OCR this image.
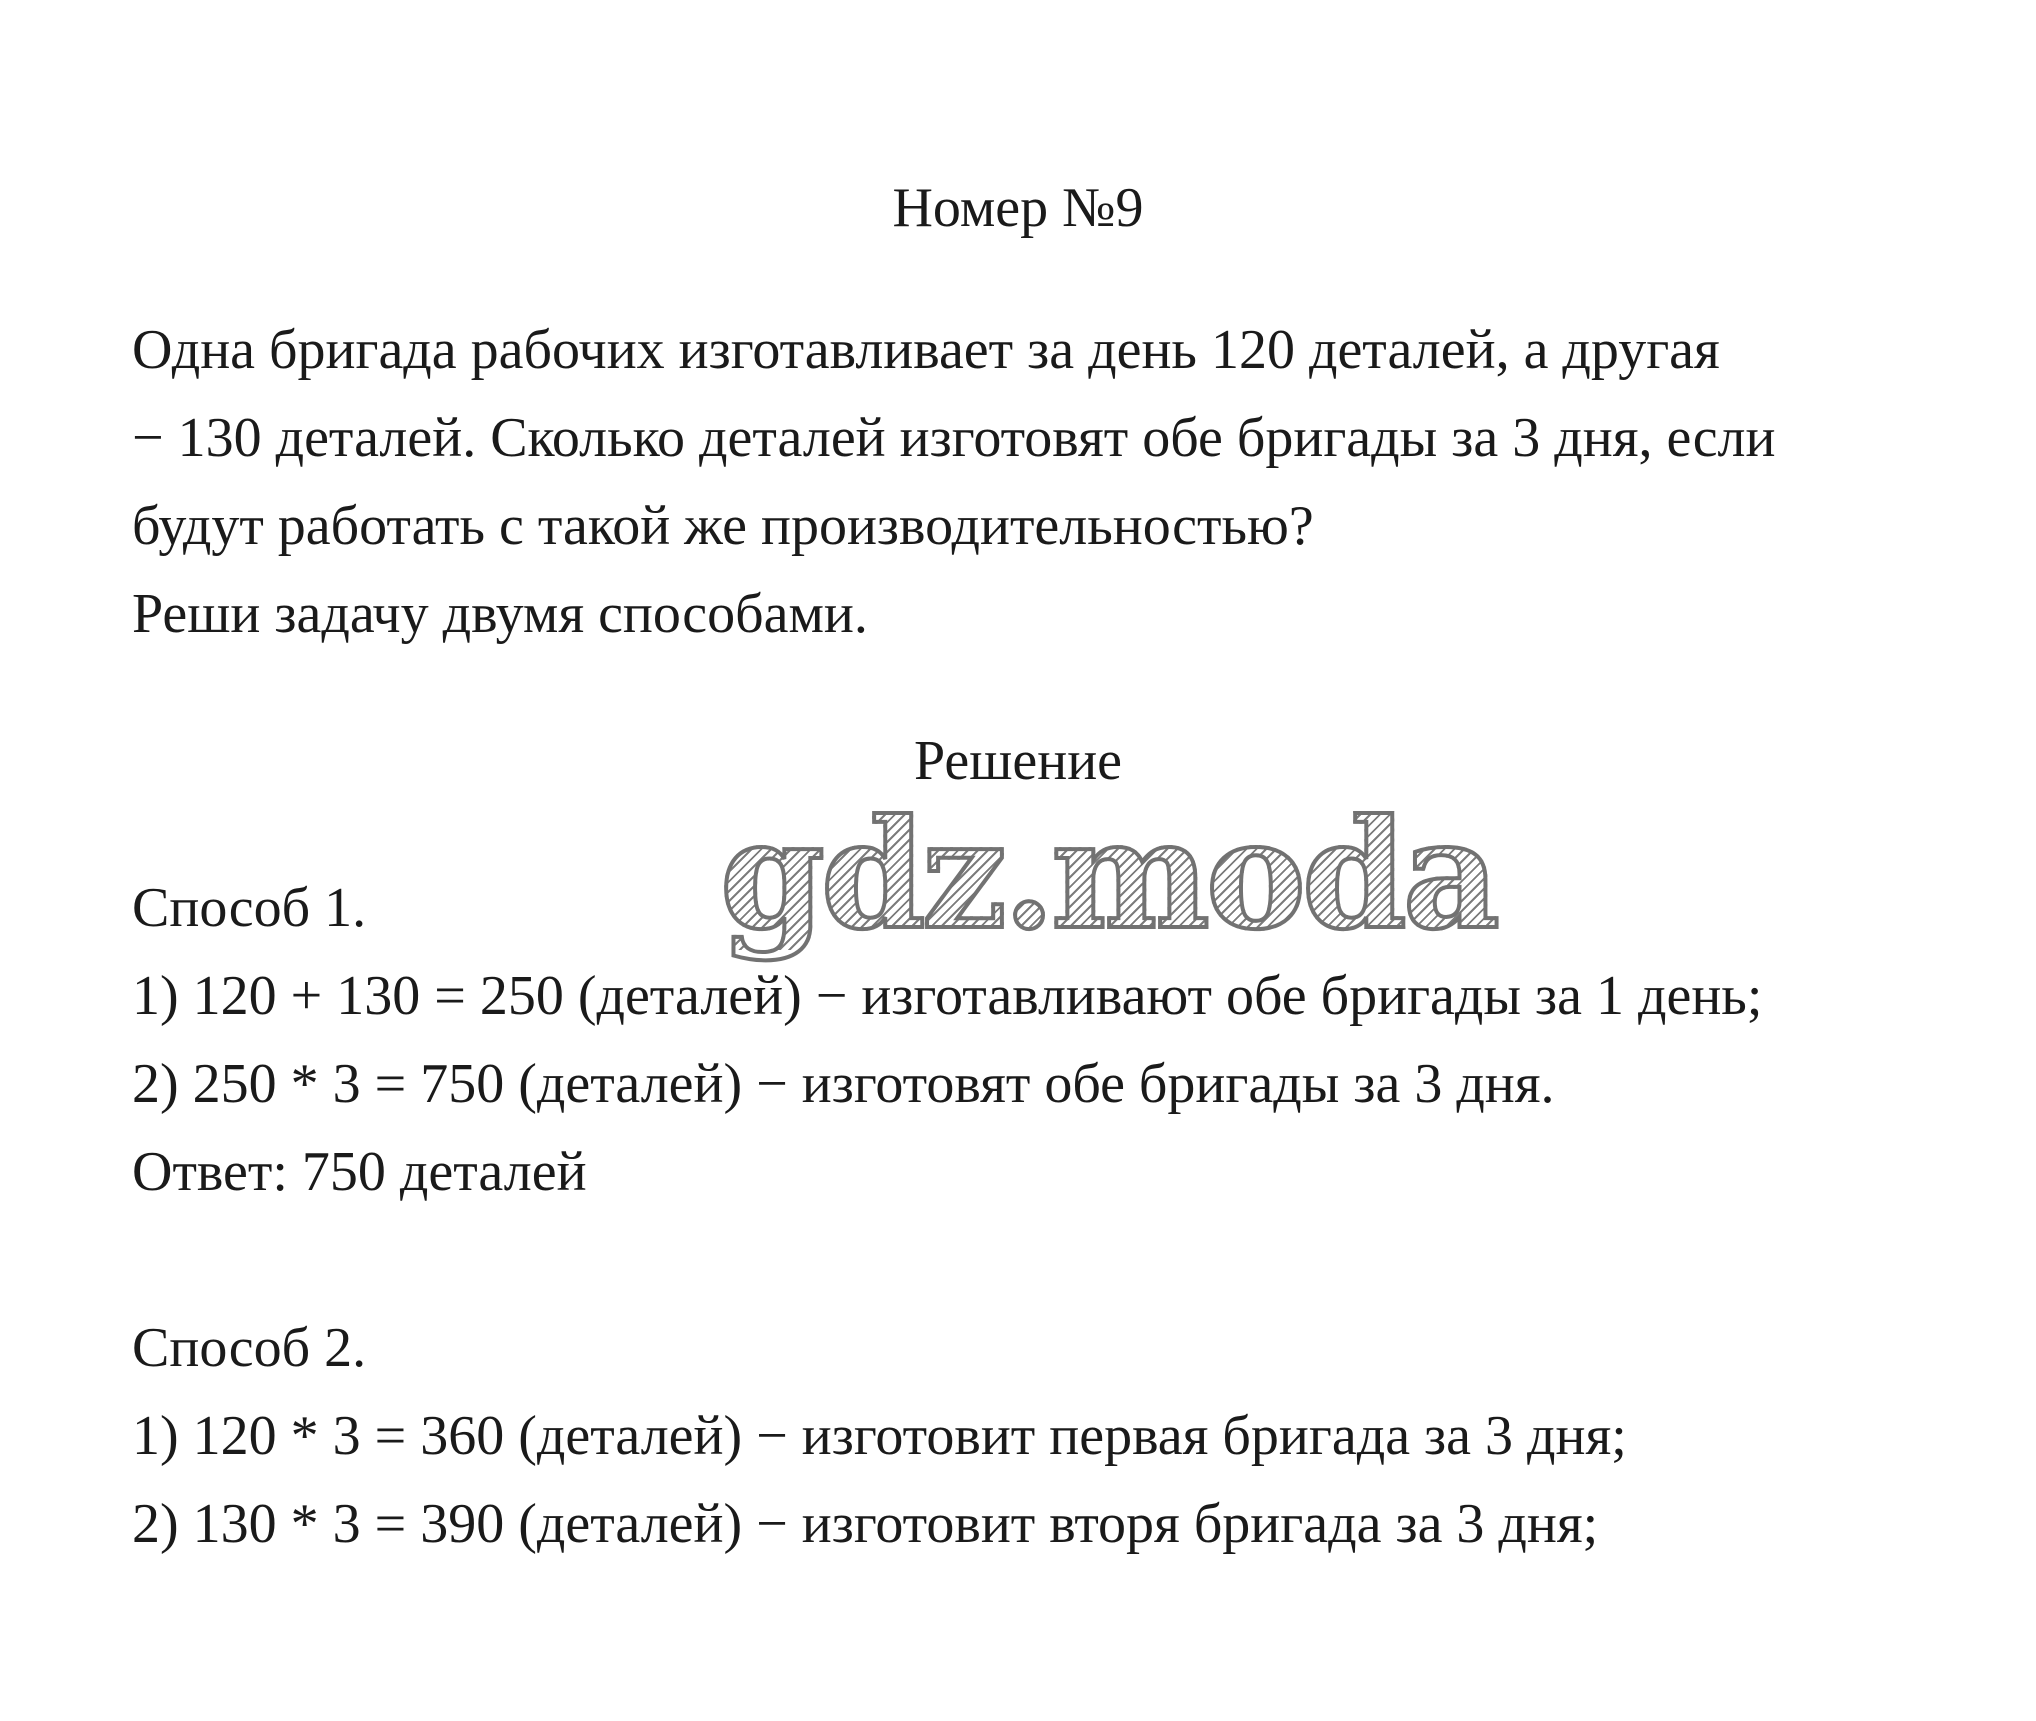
Номер №9
Одна бригада рабочих изготавливает за день 120 деталей, а другая
− 130 деталей. Сколько деталей изготовят обе бригады за 3 дня, если
будут работать с такой же производительностью?
Реши задачу двумя способами.
Решение
gdz.moda
Способ 1.
1) 120 + 130 = 250 (деталей) − изготавливают обе бригады за 1 день;
2) 250 * 3 = 750 (деталей) − изготовят обе бригады за 3 дня.
Ответ: 750 деталей
Способ 2.
1) 120 * 3 = 360 (деталей) − изготовит первая бригада за 3 дня;
2) 130 * 3 = 390 (деталей) − изготовит вторя бригада за 3 дня;
